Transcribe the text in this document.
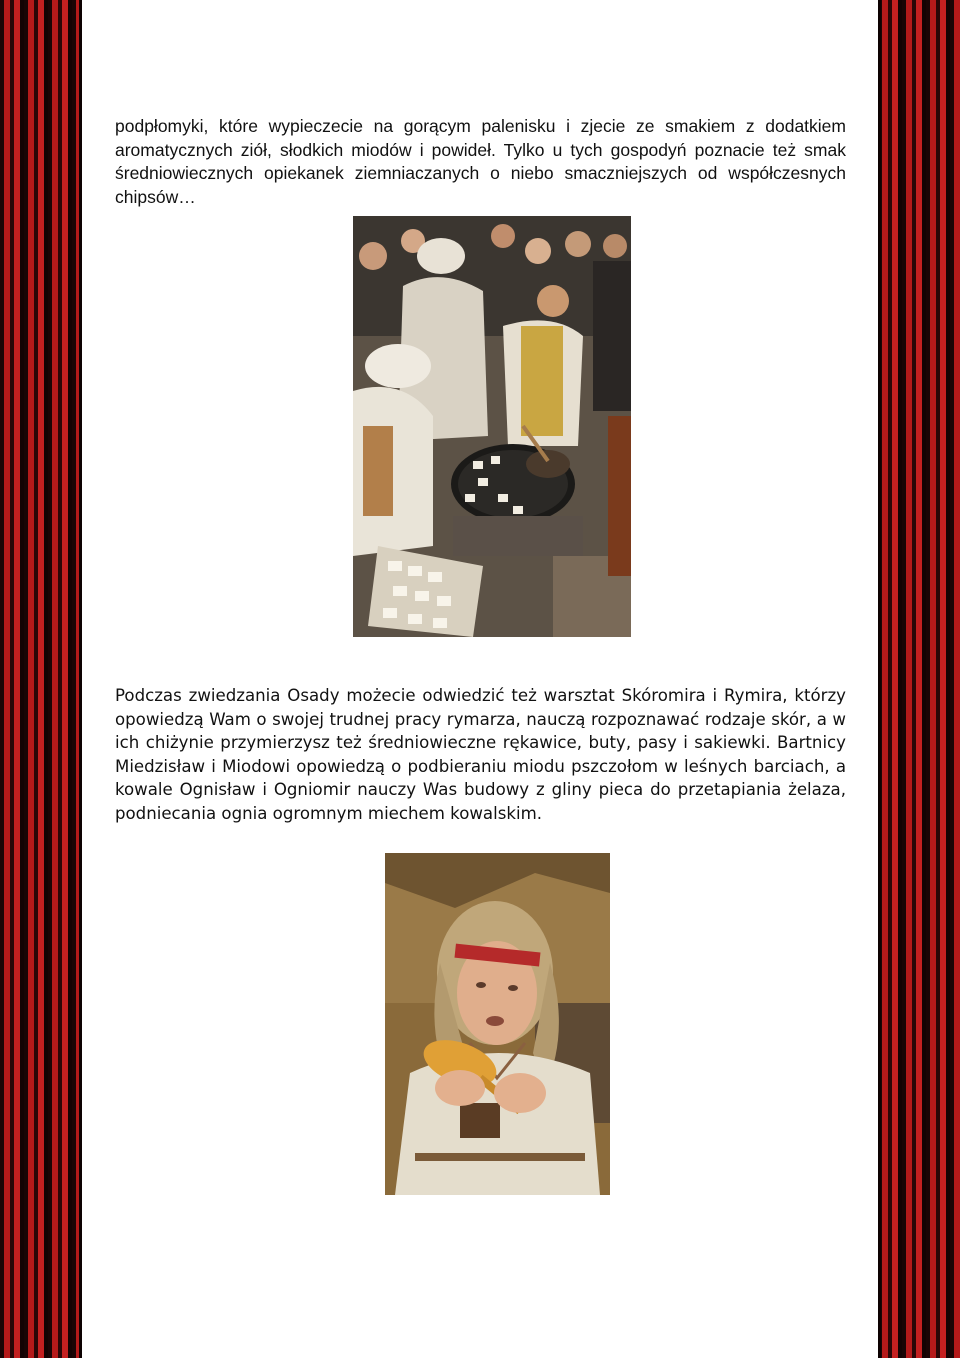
podpłomyki, które wypieczecie na gorącym palenisku i zjecie ze smakiem z dodatkiem aromatycznych ziół, słodkich miodów i powideł. Tylko u tych gospodyń poznacie też smak średniowiecznych opiekanek ziemniaczanych o niebo smaczniejszych od współczesnych chipsów…

Podczas zwiedzania Osady możecie odwiedzić też warsztat Skóromira i Rymira, którzy opowiedzą Wam o swojej trudnej pracy rymarza, nauczą rozpoznawać rodzaje skór, a w ich chiżynie przymierzysz też średniowieczne rękawice, buty, pasy i sakiewki. Bartnicy Miedzisław i Miodowi opowiedzą o podbieraniu miodu pszczołom w leśnych barciach, a kowale Ognisław i Ogniomir nauczy Was budowy z gliny pieca do przetapiania żelaza, podniecania ognia ogromnym miechem kowalskim.
